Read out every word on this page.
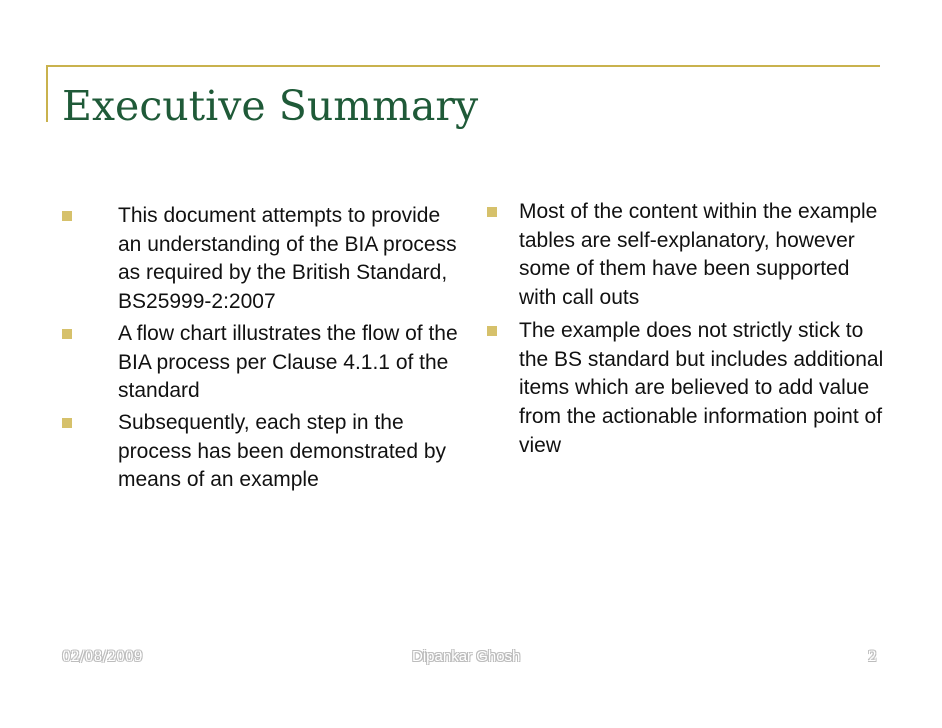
Executive Summary
This document attempts to provide an understanding of the BIA process as required by the British Standard, BS25999-2:2007
A flow chart illustrates the flow of the BIA process per Clause 4.1.1 of the standard
Subsequently, each step in the process has been demonstrated by means of an example
Most of the content within the example tables are self-explanatory, however some of them have been supported with call outs
The example does not strictly stick to the BS standard but includes additional items which are believed to add value from the actionable information point of view
02/08/2009	Dipankar Ghosh	2
